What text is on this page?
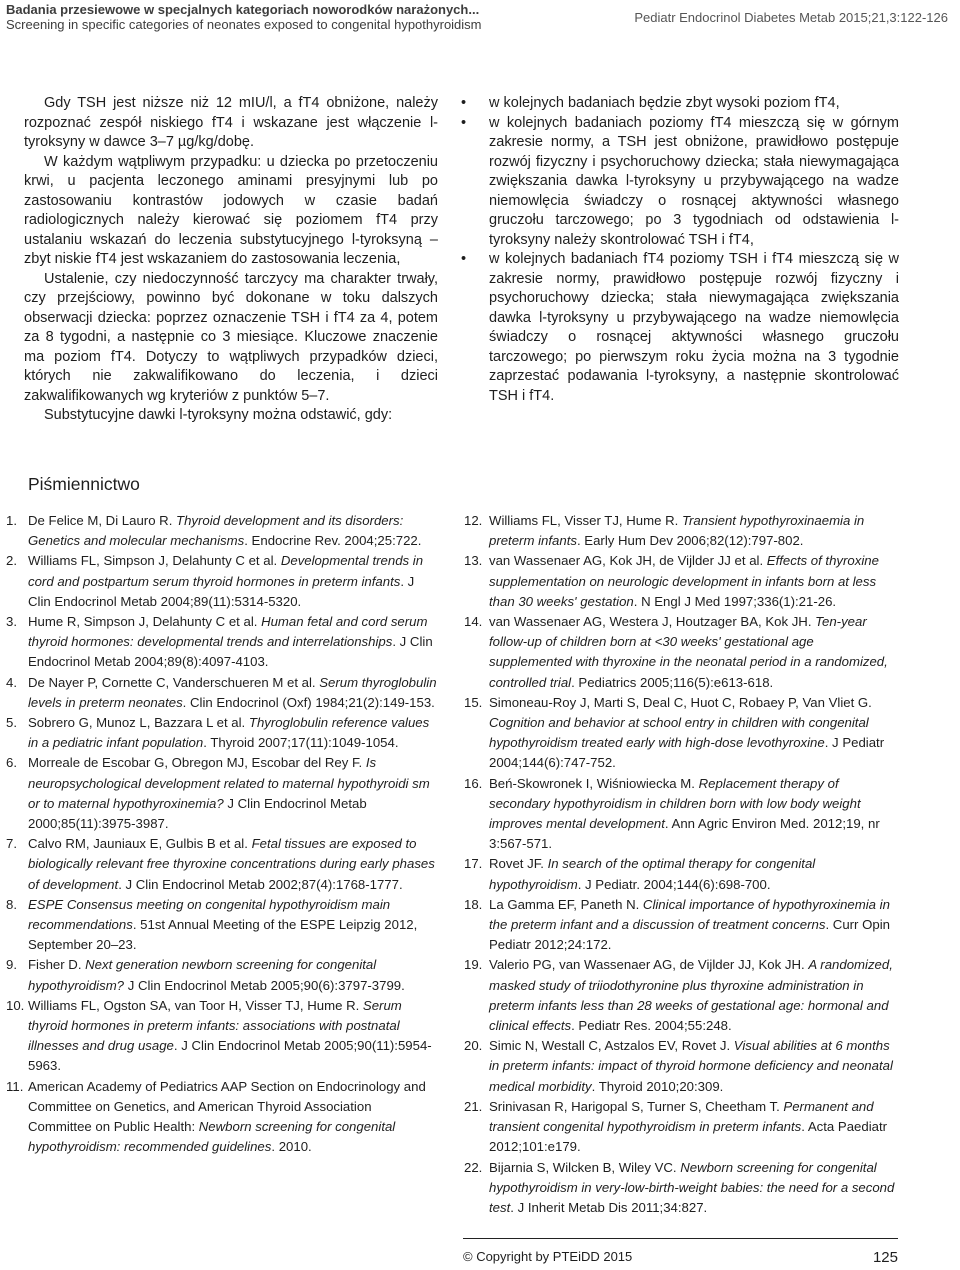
Badania przesiewowe w specjalnych kategoriach noworodków narażonych...
Screening in specific categories of neonates exposed to congenital hypothyroidism	Pediatr Endocrinol Diabetes Metab 2015;21,3:122-126

Gdy TSH jest niższe niż 12 mIU/l, a fT4 obniżone, należy rozpoznać zespół niskiego fT4 i wskazane jest włączenie l-tyroksyny w dawce 3–7 µg/kg/dobę.

W każdym wątpliwym przypadku: u dziecka po przetoczeniu krwi, u pacjenta leczonego aminami presyjnymi lub po zastosowaniu kontrastów jodowych w czasie badań radiologicznych należy kierować się poziomem fT4 przy ustalaniu wskazań do leczenia substytucyjnego l-tyroksyną – zbyt niskie fT4 jest wskazaniem do zastosowania leczenia,

Ustalenie, czy niedoczynność tarczycy ma charakter trwały, czy przejściowy, powinno być dokonane w toku dalszych obserwacji dziecka: poprzez oznaczenie TSH i fT4 za 4, potem za 8 tygodni, a następnie co 3 miesiące. Kluczowe znaczenie ma poziom fT4. Dotyczy to wątpliwych przypadków dzieci, których nie zakwalifikowano do leczenia, i dzieci zakwalifikowanych wg kryteriów z punktów 5–7.

Substytucyjne dawki l-tyroksyny można odstawić, gdy:

• w kolejnych badaniach będzie zbyt wysoki poziom fT4,
• w kolejnych badaniach poziomy fT4 mieszczą się w górnym zakresie normy, a TSH jest obniżone, prawidłowo postępuje rozwój fizyczny i psychoruchowy dziecka; stała niewymagająca zwiększania dawka l-tyroksyny u przybywającego na wadze niemowlęcia świadczy o rosnącej aktywności własnego gruczołu tarczowego; po 3 tygodniach od odstawienia l-tyroksyny należy skontrolować TSH i fT4,
• w kolejnych badaniach fT4 poziomy TSH i fT4 mieszczą się w zakresie normy, prawidłowo postępuje rozwój fizyczny i psychoruchowy dziecka; stała niewymagająca zwiększania dawka l-tyroksyny u przybywającego na wadze niemowlęcia świadczy o rosnącej aktywności własnego gruczołu tarczowego; po pierwszym roku życia można na 3 tygodnie zaprzestać podawania l-tyroksyny, a następnie skontrolować TSH i fT4.
Piśmiennictwo
1. De Felice M, Di Lauro R. Thyroid development and its disorders: Genetics and molecular mechanisms. Endocrine Rev. 2004;25:722.
2. Williams FL, Simpson J, Delahunty C et al. Developmental trends in cord and postpartum serum thyroid hormones in preterm infants. J Clin Endocrinol Metab 2004;89(11):5314-5320.
3. Hume R, Simpson J, Delahunty C et al. Human fetal and cord serum thyroid hormones: developmental trends and interrelationships. J Clin Endocrinol Metab 2004;89(8):4097-4103.
4. De Nayer P, Cornette C, Vanderschueren M et al. Serum thyroglobulin levels in preterm neonates. Clin Endocrinol (Oxf) 1984;21(2):149-153.
5. Sobrero G, Munoz L, Bazzara L et al. Thyroglobulin reference values in a pediatric infant population. Thyroid 2007;17(11):1049-1054.
6. Morreale de Escobar G, Obregon MJ, Escobar del Rey F. Is neuropsychological development related to maternal hypothyroidi sm or to maternal hypothyroxinemia? J Clin Endocrinol Metab 2000;85(11):3975-3987.
7. Calvo RM, Jauniaux E, Gulbis B et al. Fetal tissues are exposed to biologically relevant free thyroxine concentrations during early phases of development. J Clin Endocrinol Metab 2002;87(4):1768-1777.
8. ESPE Consensus meeting on congenital hypothyroidism main recommendations. 51st Annual Meeting of the ESPE Leipzig 2012, September 20–23.
9. Fisher D. Next generation newborn screening for congenital hypothyroidism? J Clin Endocrinol Metab 2005;90(6):3797-3799.
10. Williams FL, Ogston SA, van Toor H, Visser TJ, Hume R. Serum thyroid hormones in preterm infants: associations with postnatal illnesses and drug usage. J Clin Endocrinol Metab 2005;90(11):5954-5963.
11. American Academy of Pediatrics AAP Section on Endocrinology and Committee on Genetics, and American Thyroid Association Committee on Public Health: Newborn screening for congenital hypothyroidism: recommended guidelines. 2010.
12. Williams FL, Visser TJ, Hume R. Transient hypothyroxinaemia in preterm infants. Early Hum Dev 2006;82(12):797-802.
13. van Wassenaer AG, Kok JH, de Vijlder JJ et al. Effects of thyroxine supplementation on neurologic development in infants born at less than 30 weeks' gestation. N Engl J Med 1997;336(1):21-26.
14. van Wassenaer AG, Westera J, Houtzager BA, Kok JH. Ten-year follow-up of children born at <30 weeks' gestational age supplemented with thyroxine in the neonatal period in a randomized, controlled trial. Pediatrics 2005;116(5):e613-618.
15. Simoneau-Roy J, Marti S, Deal C, Huot C, Robaey P, Van Vliet G. Cognition and behavior at school entry in children with congenital hypothyroidism treated early with high-dose levothyroxine. J Pediatr 2004;144(6):747-752.
16. Beń-Skowronek I, Wiśniowiecka M. Replacement therapy of secondary hypothyroidism in children born with low body weight improves mental development. Ann Agric Environ Med. 2012;19, nr 3:567-571.
17. Rovet JF. In search of the optimal therapy for congenital hypothyroidism. J Pediatr. 2004;144(6):698-700.
18. La Gamma EF, Paneth N. Clinical importance of hypothyroxinemia in the preterm infant and a discussion of treatment concerns. Curr Opin Pediatr 2012;24:172.
19. Valerio PG, van Wassenaer AG, de Vijlder JJ, Kok JH. A randomized, masked study of triiodothyronine plus thyroxine administration in preterm infants less than 28 weeks of gestational age: hormonal and clinical effects. Pediatr Res. 2004;55:248.
20. Simic N, Westall C, Astzalos EV, Rovet J. Visual abilities at 6 months in preterm infants: impact of thyroid hormone deficiency and neonatal medical morbidity. Thyroid 2010;20:309.
21. Srinivasan R, Harigopal S, Turner S, Cheetham T. Permanent and transient congenital hypothyroidism in preterm infants. Acta Paediatr 2012;101:e179.
22. Bijarnia S, Wilcken B, Wiley VC. Newborn screening for congenital hypothyroidism in very-low-birth-weight babies: the need for a second test. J Inherit Metab Dis 2011;34:827.
© Copyright by PTEiDD 2015	125
